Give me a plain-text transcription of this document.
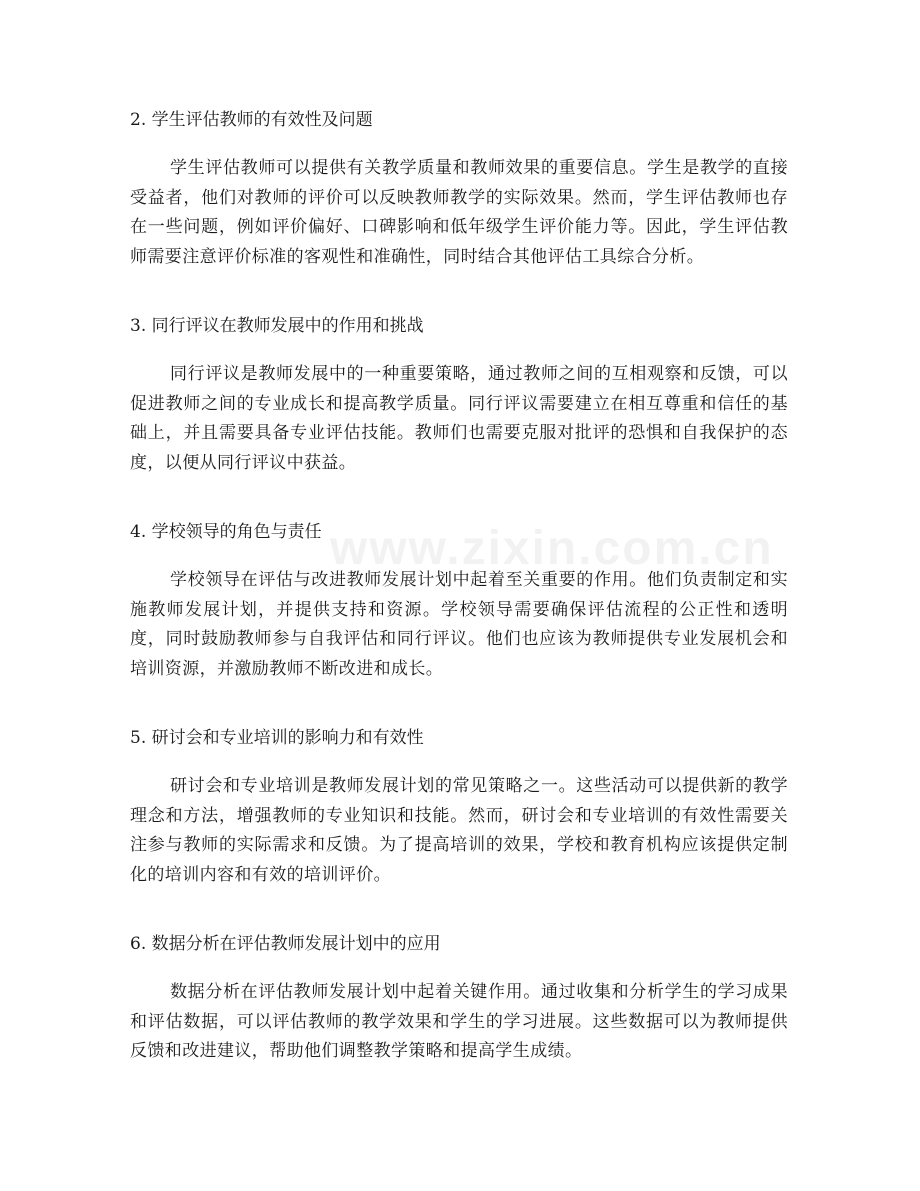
www.zixin.com.cn
2. 学生评估教师的有效性及问题

学生评估教师可以提供有关教学质量和教师效果的重要信息。学生是教学的直接受益者，他们对教师的评价可以反映教师教学的实际效果。然而，学生评估教师也存在一些问题，例如评价偏好、口碑影响和低年级学生评价能力等。因此，学生评估教师需要注意评价标准的客观性和准确性，同时结合其他评估工具综合分析。

3. 同行评议在教师发展中的作用和挑战

同行评议是教师发展中的一种重要策略，通过教师之间的互相观察和反馈，可以促进教师之间的专业成长和提高教学质量。同行评议需要建立在相互尊重和信任的基础上，并且需要具备专业评估技能。教师们也需要克服对批评的恐惧和自我保护的态度，以便从同行评议中获益。

4. 学校领导的角色与责任

学校领导在评估与改进教师发展计划中起着至关重要的作用。他们负责制定和实施教师发展计划，并提供支持和资源。学校领导需要确保评估流程的公正性和透明度，同时鼓励教师参与自我评估和同行评议。他们也应该为教师提供专业发展机会和培训资源，并激励教师不断改进和成长。

5. 研讨会和专业培训的影响力和有效性

研讨会和专业培训是教师发展计划的常见策略之一。这些活动可以提供新的教学理念和方法，增强教师的专业知识和技能。然而，研讨会和专业培训的有效性需要关注参与教师的实际需求和反馈。为了提高培训的效果，学校和教育机构应该提供定制化的培训内容和有效的培训评价。

6. 数据分析在评估教师发展计划中的应用

数据分析在评估教师发展计划中起着关键作用。通过收集和分析学生的学习成果和评估数据，可以评估教师的教学效果和学生的学习进展。这些数据可以为教师提供反馈和改进建议，帮助他们调整教学策略和提高学生成绩。
